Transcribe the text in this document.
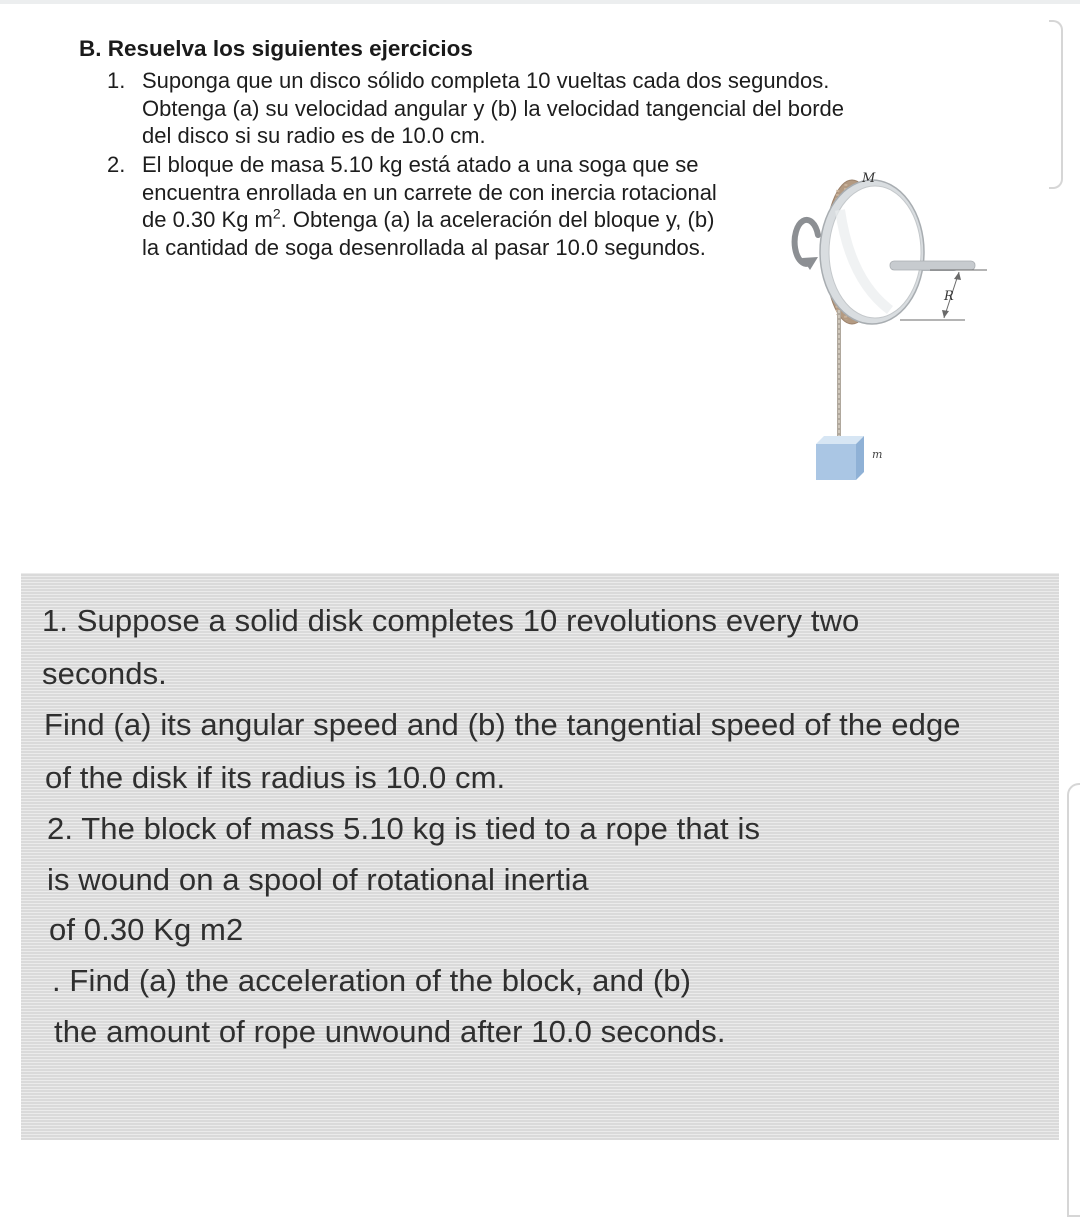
B. Resuelva los siguientes ejercicios
1. Suponga que un disco sólido completa 10 vueltas cada dos segundos.
Obtenga (a) su velocidad angular y (b) la velocidad tangencial del borde
del disco si su radio es de 10.0 cm.
2. El bloque de masa 5.10 kg está atado a una soga que se
encuentra enrollada en un carrete de con inercia rotacional
de 0.30 Kg $m^2$. Obtenga (a) la aceleración del bloque y, (b)
la cantidad de soga desenrollada al pasar 10.0 segundos.
R
M
m
1. Suppose a solid disk completes 10 revolutions every two
seconds.
Find (a) its angular speed and (b) the tangential speed of the edge
of the disk if its radius is 10.0 cm.
2. The block of mass 5.10 kg is tied to a rope that is
is wound on a spool of rotational inertia
of 0.30 Kg m2
. Find (a) the acceleration of the block, and (b)
the amount of rope unwound after 10.0 seconds.
